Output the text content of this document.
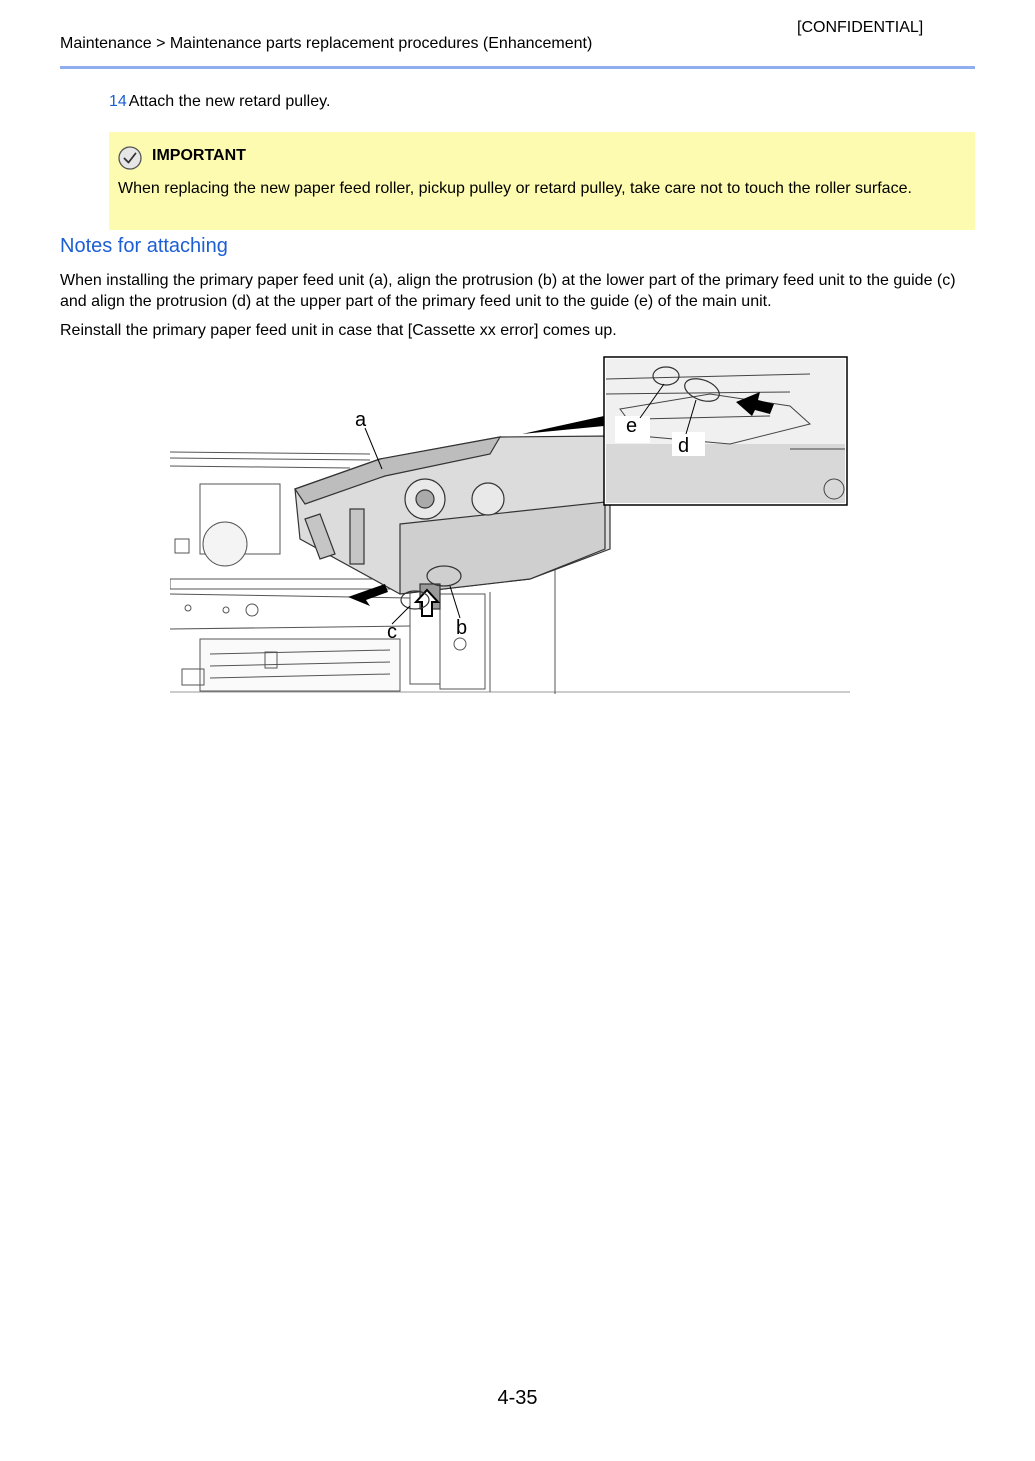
[CONFIDENTIAL]
Maintenance > Maintenance parts replacement procedures (Enhancement)
14 Attach the new retard pulley.
IMPORTANT
When replacing the new paper feed roller, pickup pulley or retard pulley, take care not to touch the roller surface.
Notes for attaching
When installing the primary paper feed unit (a), align the protrusion (b) at the lower part of the primary feed unit to the guide (c) and align the protrusion (d) at the upper part of the primary feed unit to the guide (e) of the main unit.
Reinstall the primary paper feed unit in case that [Cassette xx error] comes up.
a
b
c
d
e
4-35
